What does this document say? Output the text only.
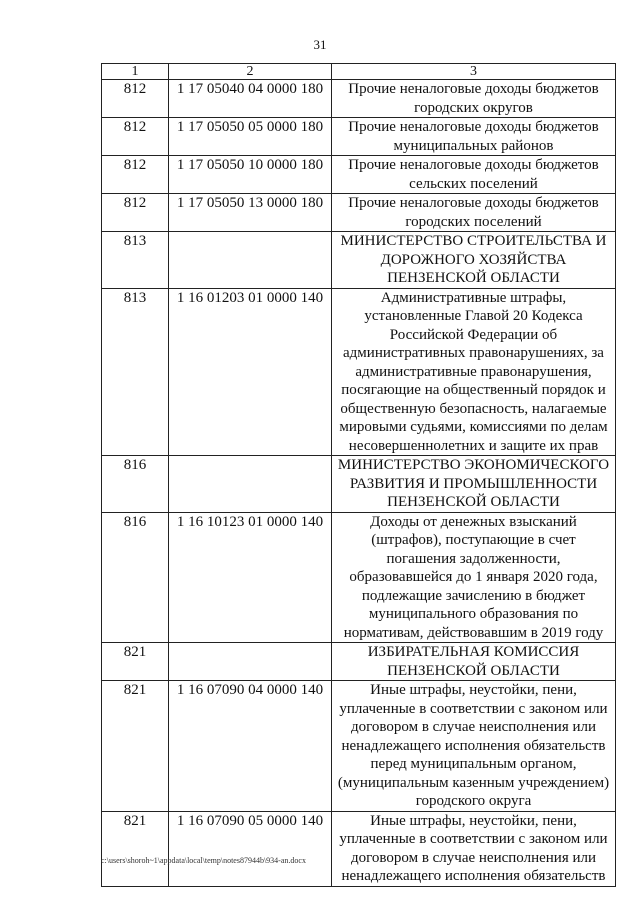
31
1	2	3
812	1 17 05040 04 0000 180	Прочие неналоговые доходы бюджетов городских округов
812	1 17 05050 05 0000 180	Прочие неналоговые доходы бюджетов муниципальных районов
812	1 17 05050 10 0000 180	Прочие неналоговые доходы бюджетов сельских поселений
812	1 17 05050 13 0000 180	Прочие неналоговые доходы бюджетов городских поселений
813		МИНИСТЕРСТВО СТРОИТЕЛЬСТВА И ДОРОЖНОГО ХОЗЯЙСТВА ПЕНЗЕНСКОЙ ОБЛАСТИ
813	1 16 01203 01 0000 140	Административные штрафы, установленные Главой 20 Кодекса Российской Федерации об административных правонарушениях, за административные правонарушения, посягающие на общественный порядок и общественную безопасность, налагаемые мировыми судьями, комиссиями по делам несовершеннолетних и защите их прав
816		МИНИСТЕРСТВО ЭКОНОМИЧЕСКОГО РАЗВИТИЯ И ПРОМЫШЛЕННОСТИ ПЕНЗЕНСКОЙ ОБЛАСТИ
816	1 16 10123 01 0000 140	Доходы от денежных взысканий (штрафов), поступающие в счет погашения задолженности, образовавшейся до 1 января 2020 года, подлежащие зачислению в бюджет муниципального образования по нормативам, действовавшим в 2019 году
821		ИЗБИРАТЕЛЬНАЯ КОМИССИЯ ПЕНЗЕНСКОЙ ОБЛАСТИ
821	1 16 07090 04 0000 140	Иные штрафы, неустойки, пени, уплаченные в соответствии с законом или договором в случае неисполнения или ненадлежащего исполнения обязательств перед муниципальным органом, (муниципальным казенным учреждением) городского округа
821	1 16 07090 05 0000 140	Иные штрафы, неустойки, пени, уплаченные в соответствии с законом или договором в случае неисполнения или ненадлежащего исполнения обязательств
c:\users\shoroh~1\appdata\local\temp\notes87944b\934-an.docx
